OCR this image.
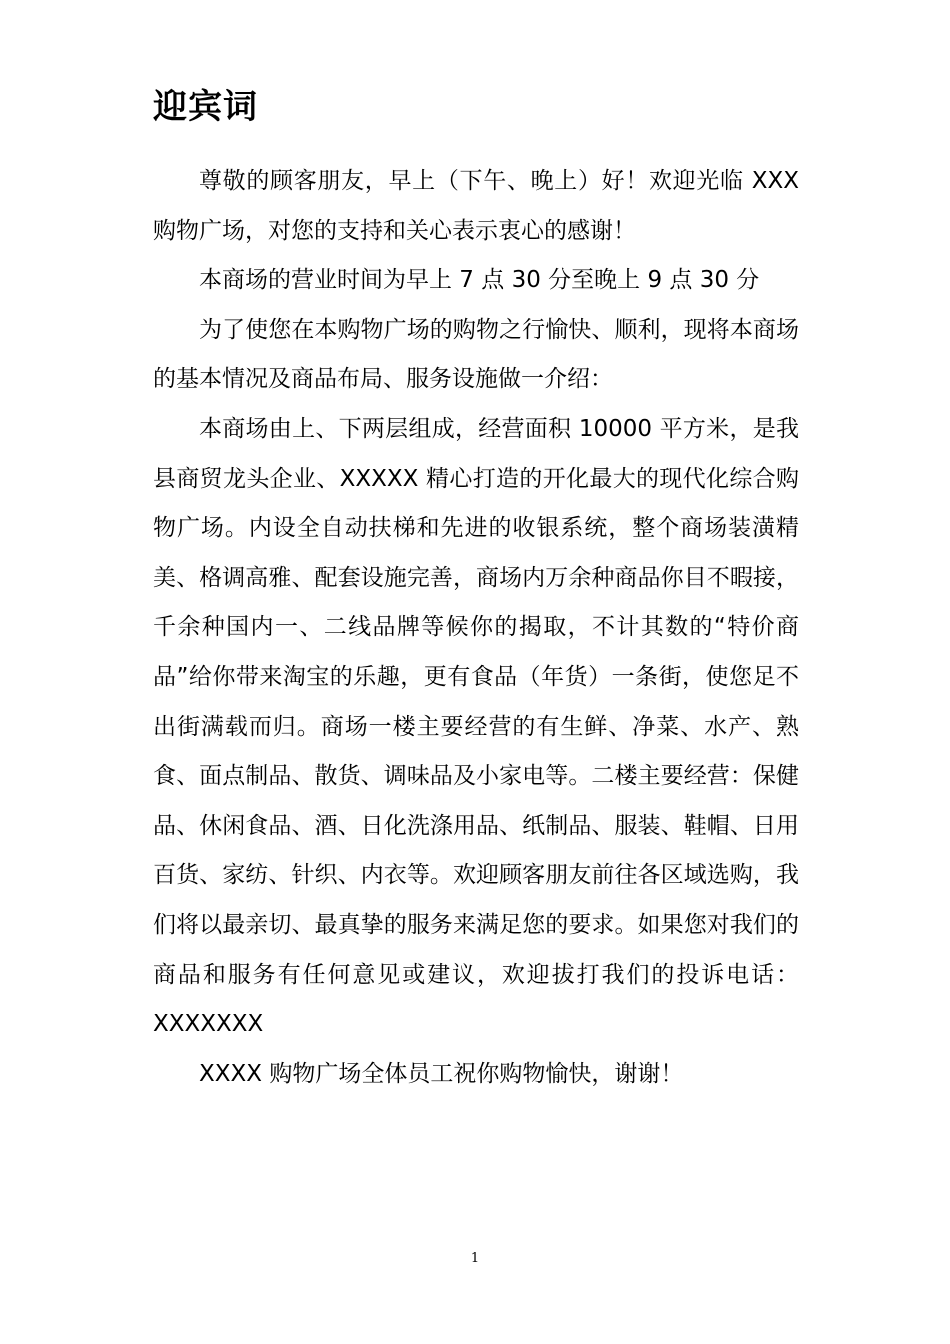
迎宾词

尊敬的顾客朋友，早上（下午、晚上）好！欢迎光临 XXX 购物广场，对您的支持和关心表示衷心的感谢！

本商场的营业时间为早上 7 点 30 分至晚上 9 点 30 分

为了使您在本购物广场的购物之行愉快、顺利，现将本商场的基本情况及商品布局、服务设施做一介绍：

本商场由上、下两层组成，经营面积 10000 平方米，是我县商贸龙头企业、XXXXX 精心打造的开化最大的现代化综合购物广场。内设全自动扶梯和先进的收银系统，整个商场装潢精美、格调高雅、配套设施完善，商场内万余种商品你目不暇接，千余种国内一、二线品牌等候你的揭取，不计其数的“特价商品”给你带来淘宝的乐趣，更有食品（年货）一条街，使您足不出街满载而归。商场一楼主要经营的有生鲜、净菜、水产、熟食、面点制品、散货、调味品及小家电等。二楼主要经营：保健品、休闲食品、酒、日化洗涤用品、纸制品、服装、鞋帽、日用百货、家纺、针织、内衣等。欢迎顾客朋友前往各区域选购，我们将以最亲切、最真挚的服务来满足您的要求。如果您对我们的商品和服务有任何意见或建议，欢迎拔打我们的投诉电话：XXXXXXX

XXXX 购物广场全体员工祝你购物愉快，谢谢！

1
